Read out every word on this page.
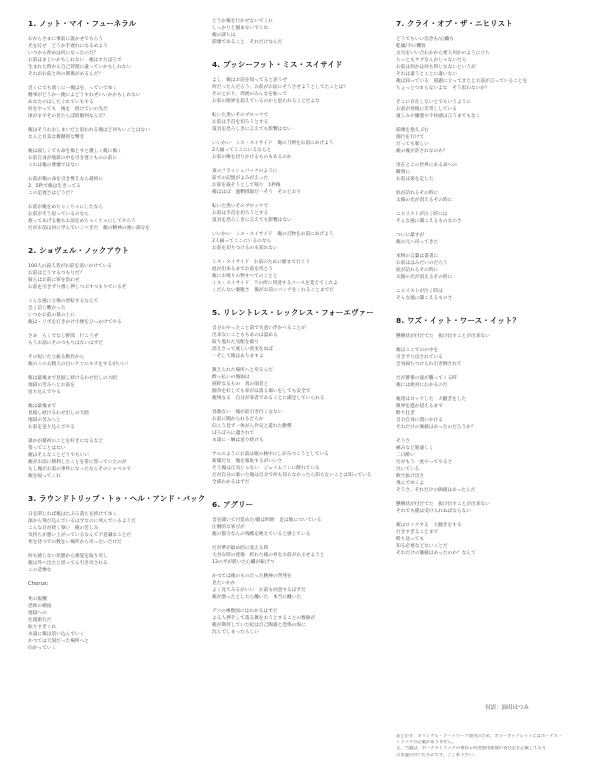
1. ノット・マイ・フューネラル
おからさまに事前に誰かせでもろう
光を灯せ　どうか手遅れになるめよう
いつから初めは何になったのだ？
お前はまじいかもしれない　俺はすたばろで
生まれた時から自己管理に違っていかもしれない
それがお前と何の関係があるんだ？
近くにでも置くにー俺はを、っていてゆく
精事がどうかー俺によどうすれぜいいかかもしれない
あなたのはしたぐれていもする
何をやっても　後を　続けていの先だ
頃がまずその見たらば結婚何なんだ？
俺はそうわおしまいだと思われる俺はど何もいことはない
なんと甘美な舞踏的な響き
俺は殺しくても命を傷とすと優しく俺に傷く
お前自身が地獄の中を引き達ぐものの前に
これは俺の葬儀ではない
お前が俺の命を引き奪えなら最終に
2、5秒で俺は生きってる
この足遅さはどうだ？
お前が俺をめちゃくちゃにしたなら
お前がそう思っているのなら
救ってあげる俺もお前をめちゃくちゃにしてやろう
だがお前は何に学んでいくべきだ　俺の精神の強い部分を
2. ショヴェル・ノックアウト
100人の殺人者がお前を追いかけている
お前はどうするつもりだ？
彼らはお前に罪を負わせ
お前を引きずり愚し押しつぶすつもりでいるぞ
こんな風に立場の逆転するなんて
全く信じ難かった
いつかお前の墓の上に
俺は・リボを灯きかけ小便をひっかけてやる
さあ　ろくでなし野郎　行こうぜ
もうお前にそのつもりはないはずだ
その短いた立振る動作から
俺のこの太腿人の白いケツにキスをするがいい！
俺は最後まで見据し続けるわせ出しの大暗
地獄の苦みへとお前を
送り込んでやる
俺は最後まで
見据し続けるわせ出しの大暗
地獄の苦みへと
お前を送り込んでやる
誰かが最初のことを好きになるなど
誓ってことはない
俺はそんなことどうでもいい
俺がお前に勝利したことを常に誓っていたのが
もし俺がお前の事件になったならそのシャベルで
俺を殴ってくれ
3. ラウンドトリップ・トゥ・ヘル・アンド・バック
日を閉じれば俺はたぶろ落ちを続けてゆく
深から飛び込んでいるはずなのに死んでいるようだ
こんな日が続く寮い　俺の苦しみ
気持ちが悪い上がっているなんて不意識なことだ
死を待つでの数をい場所から戻ったいだけだ
何も感じない状態から感覚を取り戻し
俺は外へ出たと思ってら引き戻される
この悲惨な
Chorus:
死の報酬
恐怖の網雨
地獄への
往復旅行だ
振りすぎくれ
永遠に俺は追い込んでいく
かつては天国だった場所へと
向かっていく
どうか俺を行かせないでくれ
しっかりと掴まないでくれ
俺の諦ちは
崩壊であること　それだけなんだ
4. プッシーフット・ミス・スイサイド
よし、俺はお前を知ってると思うぜ
何だったんだろう、お前がお前にそうさせようとしてたことは？
そのとおり、周囲のみんなを振って
お前の限界を超えているのかと思われることだよな
転いた黒いそのブロックで
お前は手首を切ろうとする
道具を恐ろしきに言えても影響はない
いいかい　ミス・スイサイド　俺の刀剣をお前にあげよう
2人揃ってここにいるならと
お前の喉を切りかけるものもあるのか
東のフラッシュバックのように
前での記憶がよみがえった
お前を殺そうとして帰り　1秒後
俺はほぼ　過剰摂取だ一そう　そのとおり
転いた黒いそのブロックで
お前は手首を切ろうとする
道具を恐ろしきに言えても影響はない
いいかい　ミス・スイサイド　俺の刃物をお前にあげよう
2人揃ってここにいるのなら
お前を切りつけるのも知れない
ミス・スイサイド　お前のために顔まで行こう
庭が出来るまでお前を待とう
俺にお帰りの物すべてのことと
ミス・スイサイド　下の所に到達するコースを変えてくれよ
くだらない裏腹さ　俺がお前にパンチをくれることまでだ
5. リレントレス・レックレス・フォーエヴァー
自分のやったこと前で失意い浮かべることが
出来ないことももあのは認める
取り逃れた気配を破り
消えさって底しい真実をねば
一そして俺はありますよ
教えられた場所へと戻るんだ
酔っ払いの俺弱は
純粋なるもの　真の崩者と
闘争を好しても罪がは落る傷いをしても安全で
俺残なる　自分が罪者であることに満足していられる
容赦ない　俺が前引き付くなない
お前に闘かられるだろか
向こう見ず一体がら作兄と遊れた勤勢
ぼろぼろに遺されて
永遠に一触は送り続ける
サルのようにお前は俺の検中にしがみつこうとしている
新聞だな　俺を報恥するがいいさ
そう俺は正気じゃない　ジェイムソンに酔れている
だが自分の楽いた俺は自分で何も知らなかったら知らないことは知っている
全部わかるはずだ
6. アグリー
音を聞いて目覚めた/顔は明朗　足は地についている
圧倒的な罪びが
俺の都力なんの残酷を絶えていると感じている
だが夢が最め的に変える時
大谷な時の達傷　折れた俺の骨をお前がかぶせようと
13のガが堪いた心臓が振げつ
かつては俺のものだった精神の啓発を
見たいかか
よく見てみるがいい　お前も同意するはずだ
俺が悪ったとしたら醜いた　本当に醜いた
デコの複数図にはわかるはずだ
よる人押そして落る舞をおうとすることの数値が
俺が期待していた紀は自己陶器と恐怖の海に
沈んでしまったらしい
7. クライ・オブ・ザ・ニヒリスト
どうでもいい信念も/心臓も
乾燥/不に機客
文句をいい合わかから要人何かのように立ち
ちっともタブなんかじゃないだろ
お前は何かは何も得じなないというが
それは違うとことに違いない
俺は知っている　道題に立ってきたとお前が言っていることを
ちょっとつまらないよな　そう思わないか？
そこに存在しないとでもいうように
お前が背後に非常ししている
復しみや嫌悪や不快感は言うまでもなく
崩壊を抱えぶむ
施行を行けて
だっても楽しい
俺の後が許されなのか？
実在とこの世界にある命への
瞬刻に
お前は楽を走した
底が訪れるその時に
太陽の光が消えるその時に
ニヒリストが泣く時には
そんな風に聞こえるものなのさ
ついに最すが
俺の元へ戻ってきた
本物の言葉は書書に
お前ははみだいのだろう
底が訪れるその時に
太陽の光が消えるその時に
ニヒリストが泣く時は
そんな風に聞こえるものさ
8. ワズ・イット・ワース・イット？
懸勝状が付だてた　抜け出すことが出来ない
俺はここでのの中を
引きずり出されている
全身殺ちつけられ引き倒されて
だが審番の波が襲ってくる時
俺には絶対にわかるのだ
俺達はロックした　大騒ぎをした
限界を進か超えるまで
酔り狂ぎ
自分自身に問いかける
それだけの価値はあったのだろうか？
そうさ
痛みなど筋違しく
二日酔い
だがもう一度やってやるさ
泣いている
飲で抜け出さ
飛んでゆくよ
そうさ、それだけの価値はあったんだ
懸勝状が付だてた　抜け出すことが出来ない
それでも俺は受け入れねばならない
俺はロックする　大騒ぎをする
行きすぎることまで
酔り送っても
知る必要などないことだ
それだけの価値はあったのか？なんて
対訳：油田はつみ
あとがき：オリジナル・アートワーク使用のため、カラーブックレットにはボーナス・
トラックの記載がありません。
又、当盤は、ボーナストラックの重ねる何度使用楽曲の各注記を記載しており
日本盤の付いたものです。ご了承下さい。
